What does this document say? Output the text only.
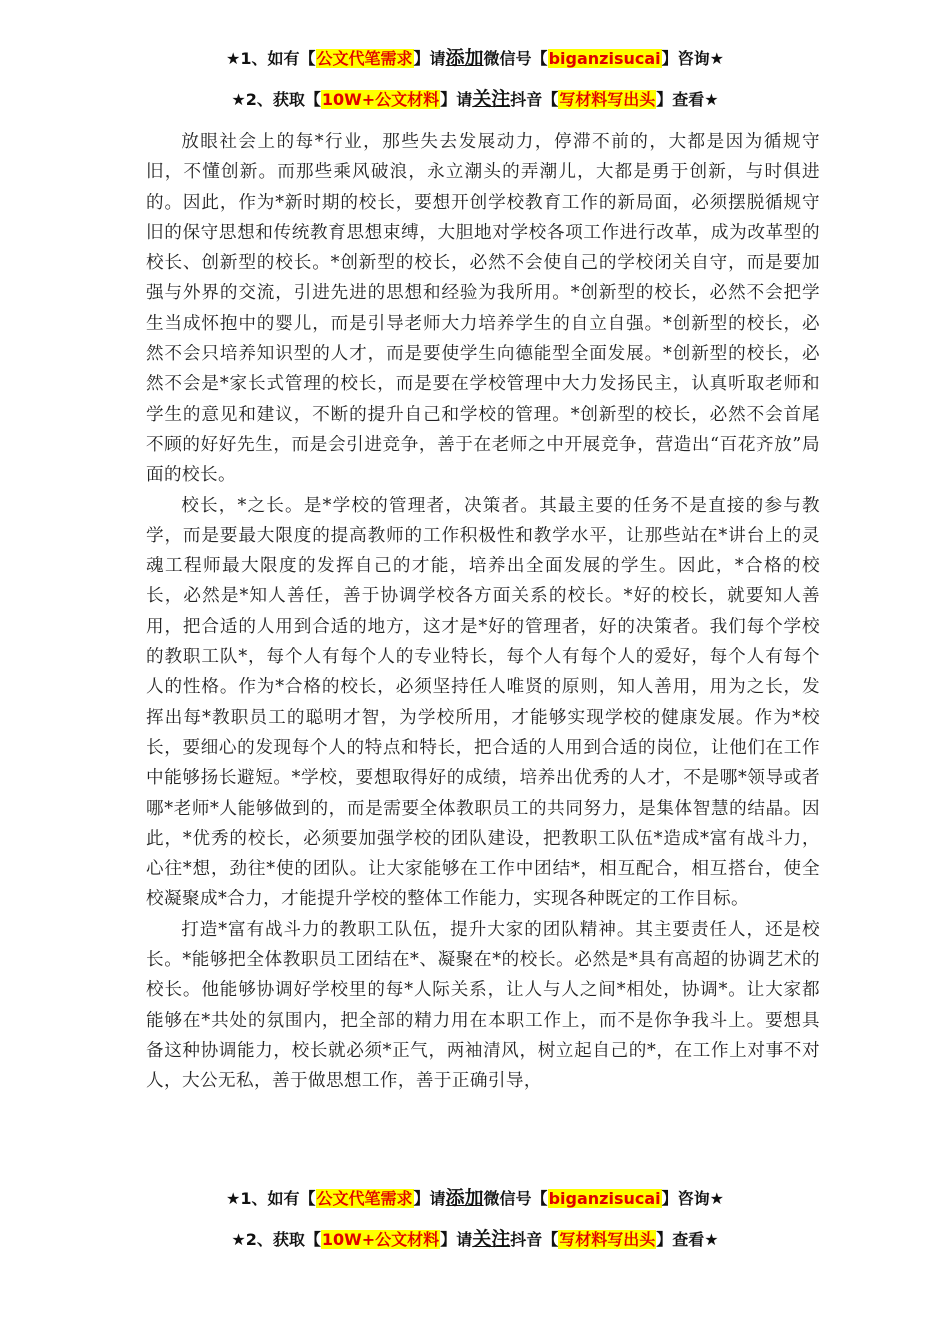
★1、如有【公文代笔需求】请添加微信号【biganzisucai】咨询★
★2、获取【10W+公文材料】请关注抖音【写材料写出头】查看★

放眼社会上的每*行业，那些失去发展动力，停滞不前的，大都是因为循规守旧，不懂创新。而那些乘风破浪，永立潮头的弄潮儿，大都是勇于创新，与时俱进的。因此，作为*新时期的校长，要想开创学校教育工作的新局面，必须摆脱循规守旧的保守思想和传统教育思想束缚，大胆地对学校各项工作进行改革，成为改革型的校长、创新型的校长。*创新型的校长，必然不会使自己的学校闭关自守，而是要加强与外界的交流，引进先进的思想和经验为我所用。*创新型的校长，必然不会把学生当成怀抱中的婴儿，而是引导老师大力培养学生的自立自强。*创新型的校长，必然不会只培养知识型的人才，而是要使学生向德能型全面发展。*创新型的校长，必然不会是*家长式管理的校长，而是要在学校管理中大力发扬民主，认真听取老师和学生的意见和建议，不断的提升自己和学校的管理。*创新型的校长，必然不会首尾不顾的好好先生，而是会引进竞争，善于在老师之中开展竞争，营造出“百花齐放”局面的校长。

校长，*之长。是*学校的管理者，决策者。其最主要的任务不是直接的参与教学，而是要最大限度的提高教师的工作积极性和教学水平，让那些站在*讲台上的灵魂工程师最大限度的发挥自己的才能，培养出全面发展的学生。因此，*合格的校长，必然是*知人善任，善于协调学校各方面关系的校长。*好的校长，就要知人善用，把合适的人用到合适的地方，这才是*好的管理者，好的决策者。我们每个学校的教职工队*，每个人有每个人的专业特长，每个人有每个人的爱好，每个人有每个人的性格。作为*合格的校长，必须坚持任人唯贤的原则，知人善用，用为之长，发挥出每*教职员工的聪明才智，为学校所用，才能够实现学校的健康发展。作为*校长，要细心的发现每个人的特点和特长，把合适的人用到合适的岗位，让他们在工作中能够扬长避短。*学校，要想取得好的成绩，培养出优秀的人才，不是哪*领导或者哪*老师*人能够做到的，而是需要全体教职员工的共同努力，是集体智慧的结晶。因此，*优秀的校长，必须要加强学校的团队建设，把教职工队伍*造成*富有战斗力，心往*想，劲往*使的团队。让大家能够在工作中团结*，相互配合，相互搭台，使全校凝聚成*合力，才能提升学校的整体工作能力，实现各种既定的工作目标。

打造*富有战斗力的教职工队伍，提升大家的团队精神。其主要责任人，还是校长。*能够把全体教职员工团结在*、凝聚在*的校长。必然是*具有高超的协调艺术的校长。他能够协调好学校里的每*人际关系，让人与人之间*相处，协调*。让大家都能够在*共处的氛围内，把全部的精力用在本职工作上，而不是你争我斗上。要想具备这种协调能力，校长就必须*正气，两袖清风，树立起自己的*，在工作上对事不对人，大公无私，善于做思想工作，善于正确引导，

★1、如有【公文代笔需求】请添加微信号【biganzisucai】咨询★
★2、获取【10W+公文材料】请关注抖音【写材料写出头】查看★
